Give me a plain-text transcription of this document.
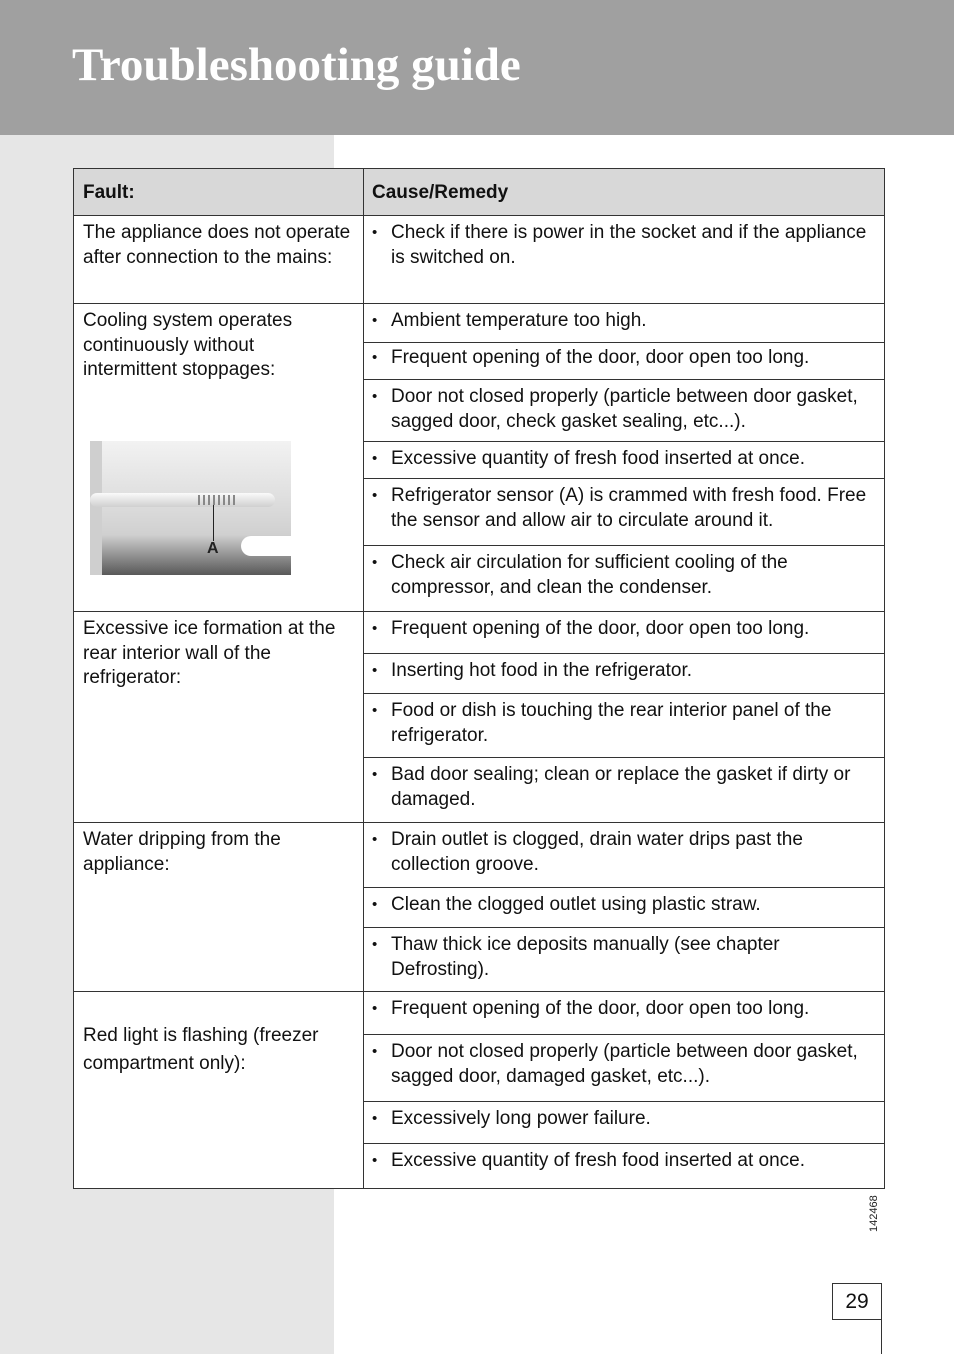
Troubleshooting guide
Fault:	Cause/Remedy
The appliance does not operate after connection to the mains:
• Check if there is power in the socket and if the appliance is switched on.
Cooling system operates continuously without intermittent stoppages:
• Ambient temperature too high.
• Frequent opening of the door, door open too long.
• Door not closed properly (particle between door gasket, sagged door, check gasket sealing, etc...).
• Excessive quantity of fresh food inserted at once.
• Refrigerator sensor (A) is crammed with fresh food. Free the sensor and allow air to circulate around it.
• Check air circulation for sufficient cooling of the compressor, and clean the condenser.
A
Excessive ice formation at the rear interior wall of the refrigerator:
• Frequent opening of the door, door open too long.
• Inserting hot food in the refrigerator.
• Food or dish is touching the rear interior panel of the refrigerator.
• Bad door sealing; clean or replace the gasket if dirty or damaged.
Water dripping from the appliance:
• Drain outlet is clogged, drain water drips past the collection groove.
• Clean the clogged outlet using plastic straw.
• Thaw thick ice deposits manually (see chapter Defrosting).
Red light is flashing (freezer compartment only):
• Frequent opening of the door, door open too long.
• Door not closed properly (particle between door gasket, sagged door, damaged gasket, etc...).
• Excessively long power failure.
• Excessive quantity of fresh food inserted at once.
142468
29
